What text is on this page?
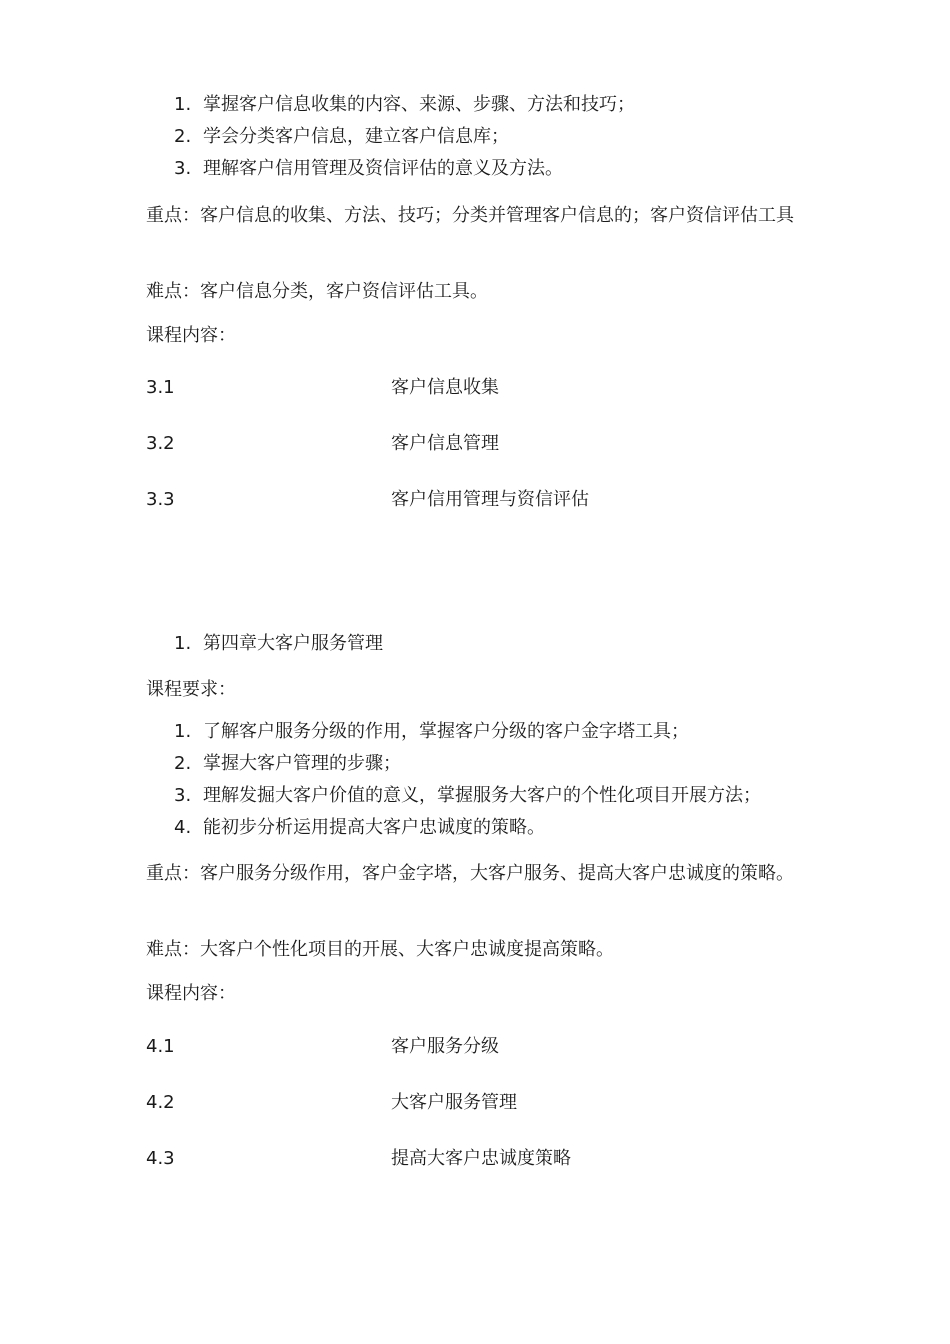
1. 掌握客户信息收集的内容、来源、步骤、方法和技巧；
2. 学会分类客户信息，建立客户信息库；
3. 理解客户信用管理及资信评估的意义及方法。
重点：客户信息的收集、方法、技巧；分类并管理客户信息的；客户资信评估工具
难点：客户信息分类，客户资信评估工具。
课程内容：
3.1	客户信息收集
3.2	客户信息管理
3.3	客户信用管理与资信评估
1. 第四章大客户服务管理
课程要求：
1. 了解客户服务分级的作用，掌握客户分级的客户金字塔工具；
2. 掌握大客户管理的步骤；
3. 理解发掘大客户价值的意义，掌握服务大客户的个性化项目开展方法；
4. 能初步分析运用提高大客户忠诚度的策略。
重点：客户服务分级作用，客户金字塔，大客户服务、提高大客户忠诚度的策略。
难点：大客户个性化项目的开展、大客户忠诚度提高策略。
课程内容：
4.1	客户服务分级
4.2	大客户服务管理
4.3	提高大客户忠诚度策略
